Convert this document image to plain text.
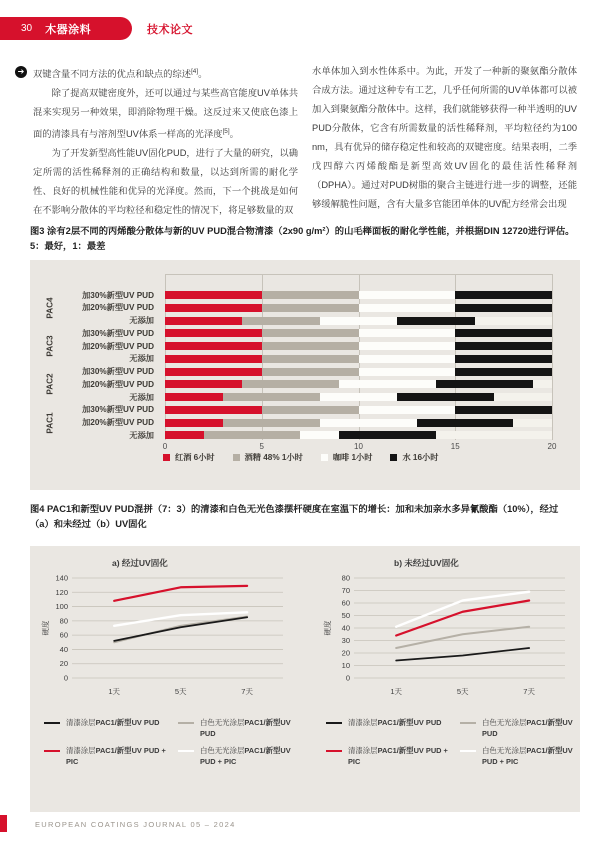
30 木器涂料	技术论文
➔ 双键含量不同方法的优点和缺点的综述[4]。

除了提高双键密度外，还可以通过与某些高官能度UV单体共混来实现另一种效果，即消除物理干燥。这反过来又使底色漆上面的清漆具有与溶剂型UV体系一样高的光泽度[5]。

为了开发新型高性能UV固化PUD，进行了大量的研究，以确定所需的活性稀释剂的正确结构和数量，以达到所需的耐化学性、良好的机械性能和优异的光泽度。然而，下一个挑战是如何在不影响分散体的平均粒径和稳定性的情况下，将足够数量的双

水单体加入到水性体系中。为此，开发了一种新的聚氨酯分散体合成方法。通过这种专有工艺，几乎任何所需的UV单体都可以被加入到聚氨酯分散体中。这样，我们就能够获得一种半透明的UV PUD分散体，它含有所需数量的活性稀释剂，平均粒径约为100 nm，具有优异的储存稳定性和较高的双键密度。结果表明，二季戊四醇六丙烯酸酯是新型高效UV固化的最佳活性稀释剂（DPHA）。通过对PUD树脂的聚合主链进行进一步的调整，还能够缓解脆性问题，含有大量多官能团单体的UV配方经常会出现

图3 涂有2层不同的丙烯酸分散体与新的UV PUD混合物清漆（2x90 g/m²）的山毛榉面板的耐化学性能，并根据DIN 12720进行评估。
5：最好，1：最差
红酒 6小时	酒精 48% 1小时	咖啡 1小时	水 16小时
0	5	10	15	20
加30%新型UV PUD
加20%新型UV PUD
无添加
加30%新型UV PUD
加20%新型UV PUD
无添加
加30%新型UV PUD
加20%新型UV PUD
无添加
加30%新型UV PUD
加20%新型UV PUD
无添加
PAC4
PAC3
PAC2
PAC1
图4 PAC1和新型UV PUD混拼（7：3）的清漆和白色无光色漆摆杆硬度在室温下的增长：加和未加亲水多异氰酸酯（10%），经过
（a）和未经过（b）UV固化
a) 经过UV固化	b) 未经过UV固化
0
20
40
60
80
100
120
140
1天	5天	7天
硬度
0
10
20
30
40
50
60
70
80
1天	5天	7天
硬度
清漆涂层PAC1/新型UV PUD	白色无光涂层PAC1/新型UV PUD
清漆涂层PAC1/新型UV PUD + PIC
白色无光涂层PAC1/新型UV PUD + PIC
清漆涂层PAC1/新型UV PUD	白色无光涂层PAC1/新型UV PUD
清漆涂层PAC1/新型UV PUD + PIC
白色无光涂层PAC1/新型UV PUD + PIC
EUROPEAN COATINGS JOURNAL 05 – 2024
